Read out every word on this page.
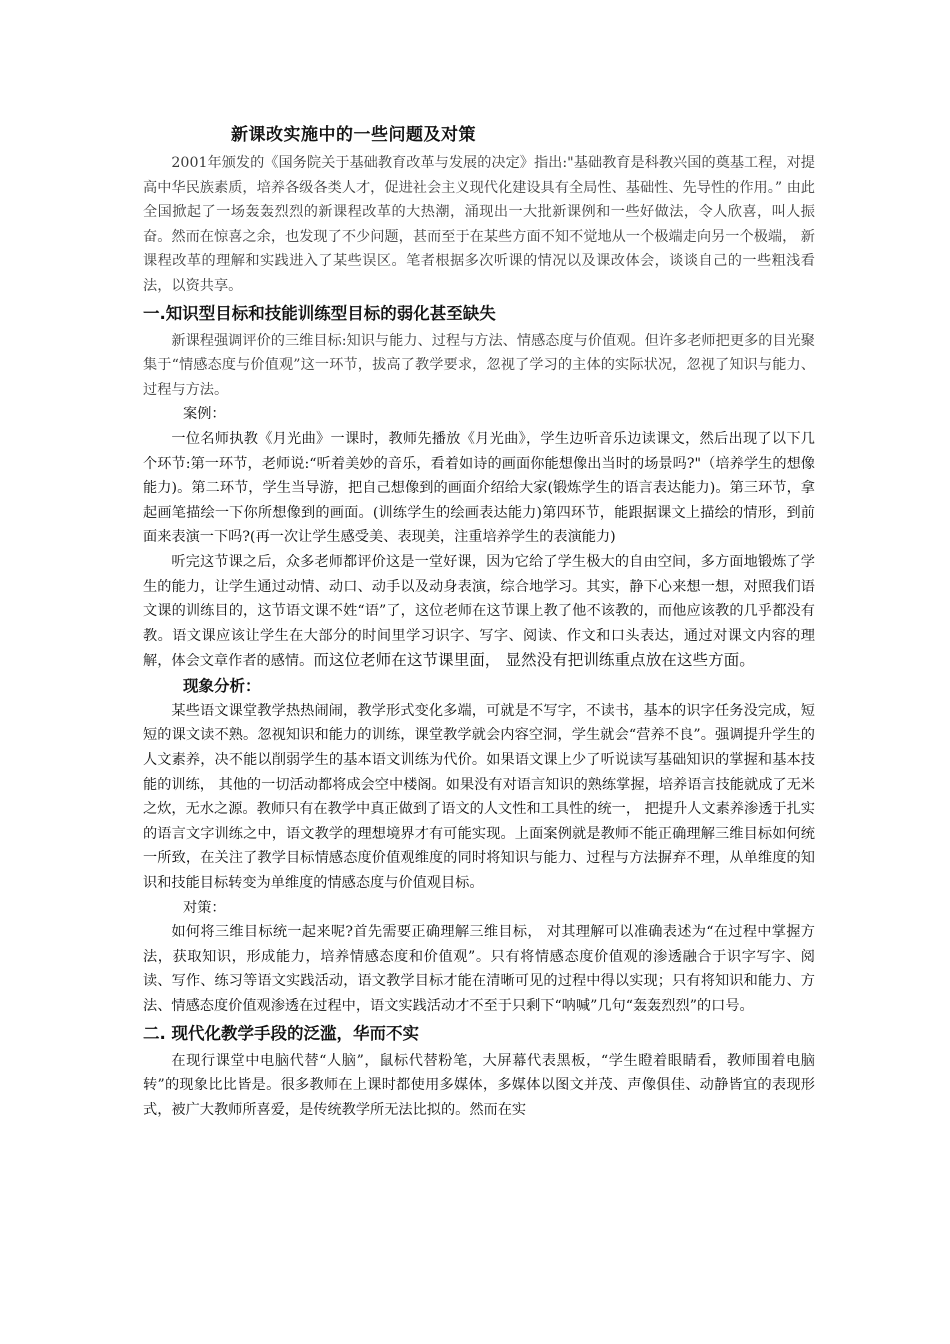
新课改实施中的一些问题及对策

2001年颁发的《国务院关于基础教育改革与发展的决定》指出:"基础教育是科教兴国的奠基工程，对提高中华民族素质，培养各级各类人才，促进社会主义现代化建设具有全局性、基础性、先导性的作用。” 由此全国掀起了一场轰轰烈烈的新课程改革的大热潮，涌现出一大批新课例和一些好做法，令人欣喜，叫人振奋。然而在惊喜之余，也发现了不少问题，甚而至于在某些方面不知不觉地从一个极端走向另一个极端， 新课程改革的理解和实践进入了某些误区。笔者根据多次听课的情况以及课改体会，谈谈自己的一些粗浅看法，以资共享。

一.知识型目标和技能训练型目标的弱化甚至缺失

新课程强调评价的三维目标:知识与能力、过程与方法、情感态度与价值观。但许多老师把更多的目光聚集于“情感态度与价值观”这一环节，拔高了教学要求，忽视了学习的主体的实际状况，忽视了知识与能力、过程与方法。

案例：

一位名师执教《月光曲》一课时，教师先播放《月光曲》，学生边听音乐边读课文，然后出现了以下几个环节:第一环节，老师说:“听着美妙的音乐，看着如诗的画面你能想像出当时的场景吗?"（培养学生的想像能力)。第二环节，学生当导游，把自己想像到的画面介绍给大家(锻炼学生的语言表达能力)。第三环节，拿起画笔描绘一下你所想像到的画面。(训练学生的绘画表达能力)第四环节，能跟据课文上描绘的情形，到前面来表演一下吗?(再一次让学生感受美、表现美，注重培养学生的表演能力)

听完这节课之后，众多老师都评价这是一堂好课，因为它给了学生极大的自由空间，多方面地锻炼了学生的能力，让学生通过动情、动口、动手以及动身表演，综合地学习。其实，静下心来想一想，对照我们语文课的训练目的，这节语文课不姓“语”了，这位老师在这节课上教了他不该教的，而他应该教的几乎都没有教。语文课应该让学生在大部分的时间里学习识字、写字、阅读、作文和口头表达，通过对课文内容的理解，体会文章作者的感情。而这位老师在这节课里面， 显然没有把训练重点放在这些方面。

现象分析：

某些语文课堂教学热热闹闹，教学形式变化多端，可就是不写字，不读书，基本的识字任务没完成，短短的课文读不熟。忽视知识和能力的训练，课堂教学就会内容空洞，学生就会“营养不良”。强调提升学生的人文素养，决不能以削弱学生的基本语文训练为代价。如果语文课上少了听说读写基础知识的掌握和基本技能的训练， 其他的一切活动都将成会空中楼阁。如果没有对语言知识的熟练掌握，培养语言技能就成了无米之炊，无水之源。教师只有在教学中真正做到了语文的人文性和工具性的统一， 把提升人文素养渗透于扎实的语言文字训练之中，语文教学的理想境界才有可能实现。上面案例就是教师不能正确理解三维目标如何统一所致，在关注了教学目标情感态度价值观维度的同时将知识与能力、过程与方法摒弃不理，从单维度的知识和技能目标转变为单维度的情感态度与价值观目标。

对策：

如何将三维目标统一起来呢?首先需要正确理解三维目标， 对其理解可以准确表述为“在过程中掌握方法，获取知识，形成能力，培养情感态度和价值观”。只有将情感态度价值观的渗透融合于识字写字、阅读、写作、练习等语文实践活动，语文教学目标才能在清晰可见的过程中得以实现；只有将知识和能力、方法、情感态度价值观渗透在过程中，语文实践活动才不至于只剩下“呐喊”几句“轰轰烈烈”的口号。

二. 现代化教学手段的泛滥，华而不实

在现行课堂中电脑代替“人脑”，鼠标代替粉笔，大屏幕代表黑板，“学生瞪着眼睛看，教师围着电脑转”的现象比比皆是。很多教师在上课时都使用多媒体，多媒体以图文并茂、声像俱佳、动静皆宜的表现形式，被广大教师所喜爱，是传统教学所无法比拟的。然而在实
